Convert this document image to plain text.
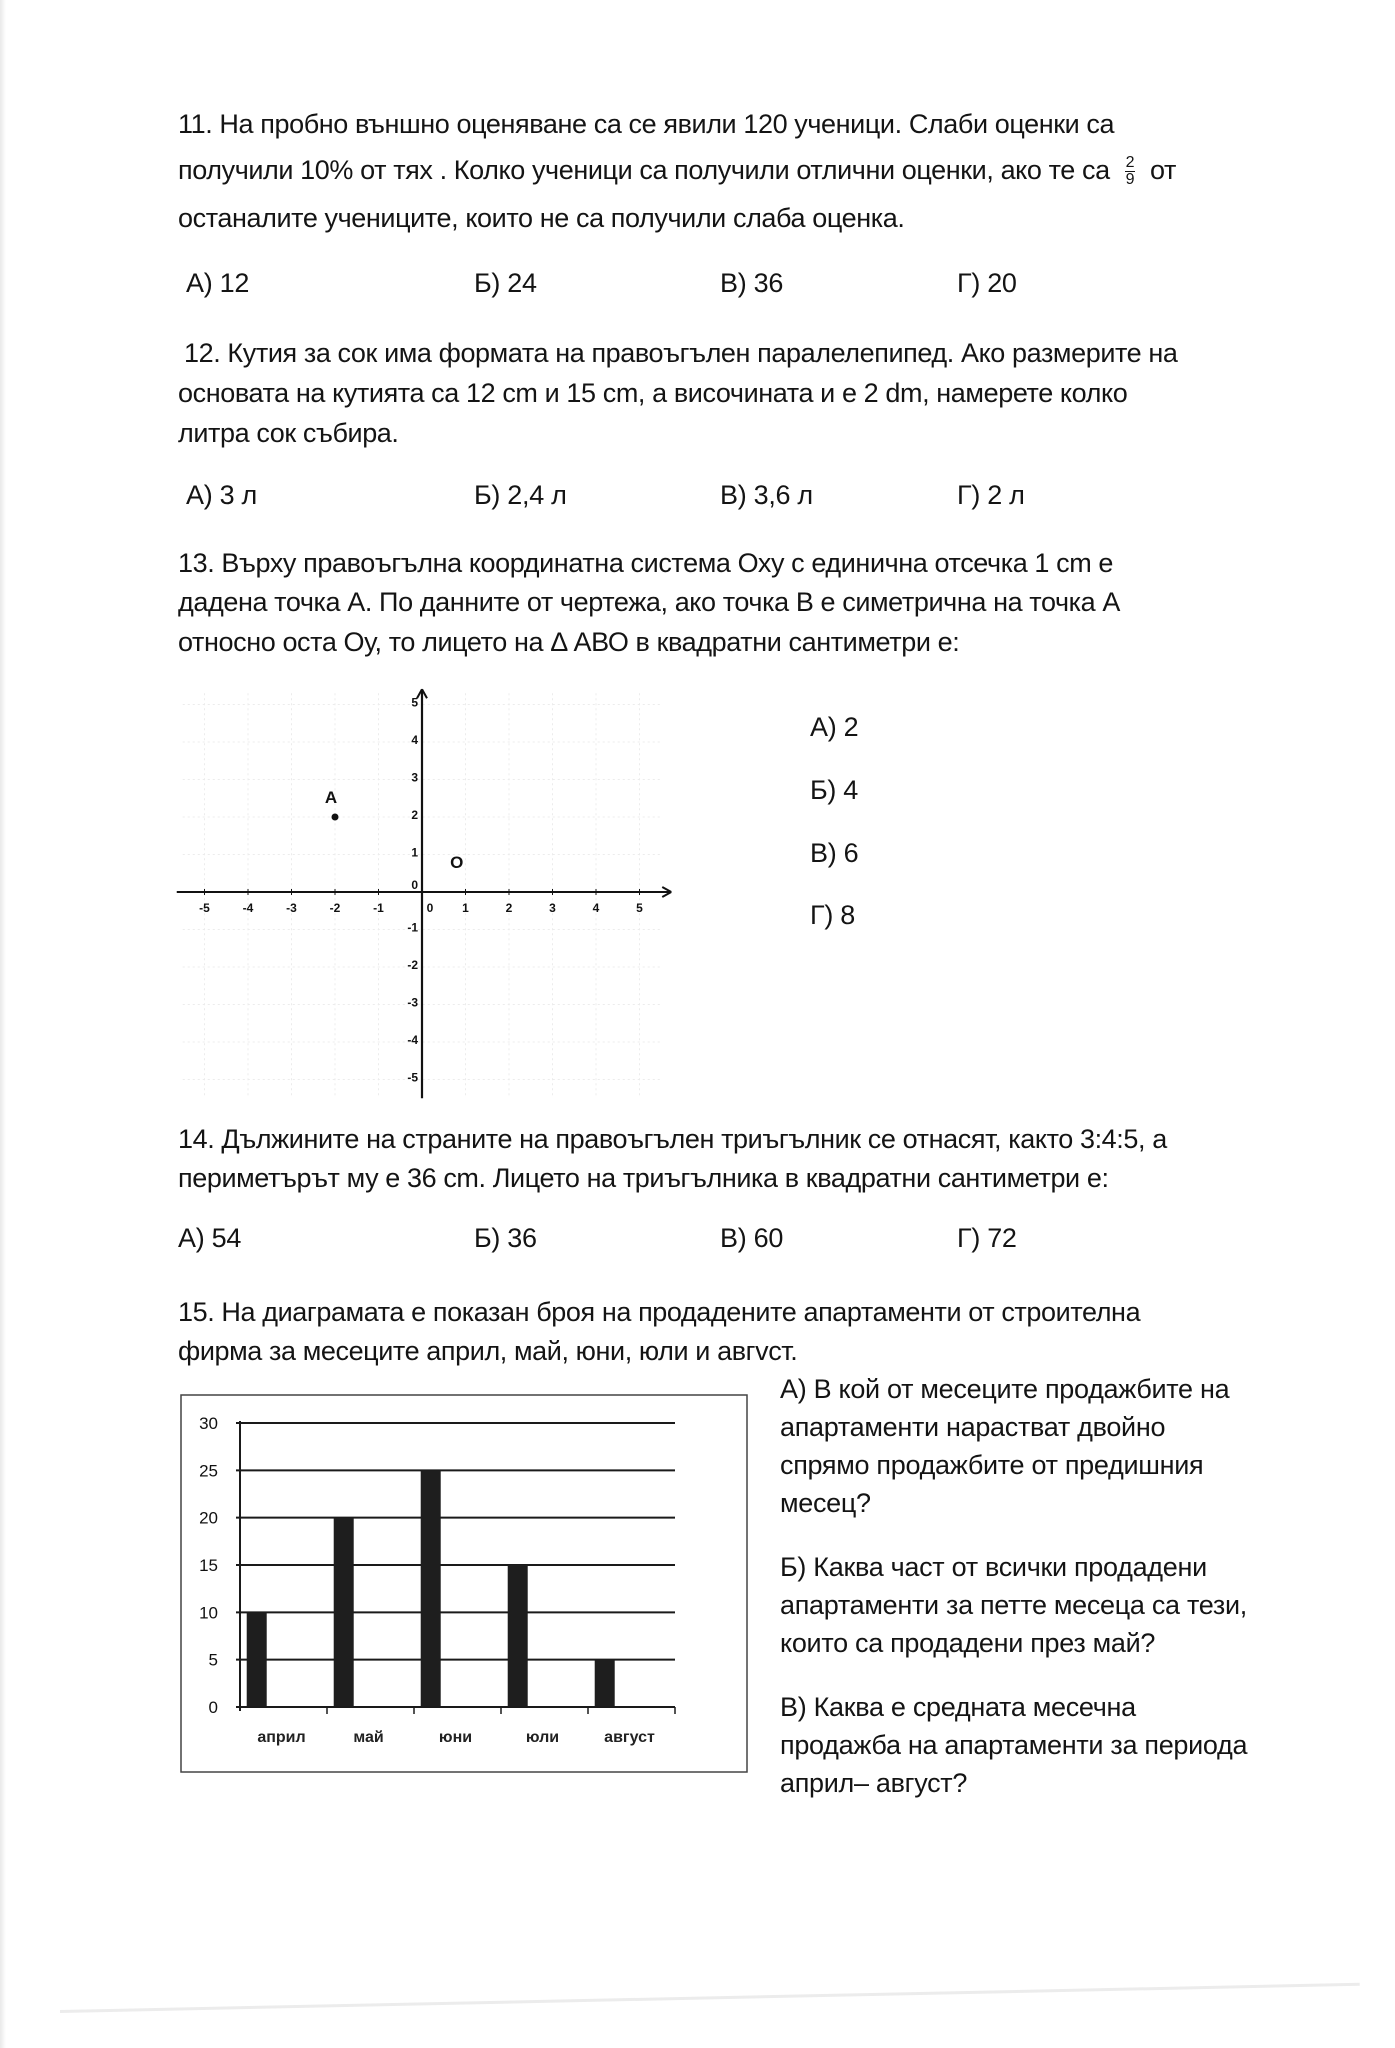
11. На пробно външно оценяване са се явили 120 ученици. Слаби оценки са
получили 10% от тях . Колко ученици са получили отлични оценки, ако те са $\frac{2}{9}$ от
останалите учениците, които не са получили слаба оценка.
А) 12	Б) 24	В) 36	Г) 20
12. Кутия за сок има формата на правоъгълен паралелепипед. Ако размерите на
основата на кутията са 12 cm и 15 cm, а височината и е 2 dm, намерете колко
литра сок събира.
А) 3 л	Б) 2,4 л	В) 3,6 л	Г) 2 л
13. Върху правоъгълна координатна система Оху с единична отсечка 1 cm е
дадена точка А. По данните от чертежа, ако точка В е симетрична на точка А
относно оста Оу, то лицето на Δ АВО в квадратни сантиметри е:
-5	-4	-3	-2	-1	0 1	2	3	4	5
5
4
3
2
1
0
-1
-2
-3
-4
-5
A
O
А) 2
Б) 4
В) 6
Г) 8
14. Дължините на страните на правоъгълен триъгълник се отнасят, както 3:4:5, а
периметърът му е 36 cm. Лицето на триъгълника в квадратни сантиметри е:
А) 54	Б) 36	В) 60	Г) 72
15. На диаграмата е показан броя на продадените апартаменти от строителна
фирма за месеците април, май, юни, юли и авгvст.
0
5
10
15
20
25
30
април	май	юни	юли	август
А) В кой от месеците продажбите на
апартаменти нарастват двойно
спрямо продажбите от предишния
месец?
Б) Каква част от всички продадени
апартаменти за петте месеца са тези,
които са продадени през май?
В) Каква е средната месечна
продажба на апартаменти за периода
април– август?
